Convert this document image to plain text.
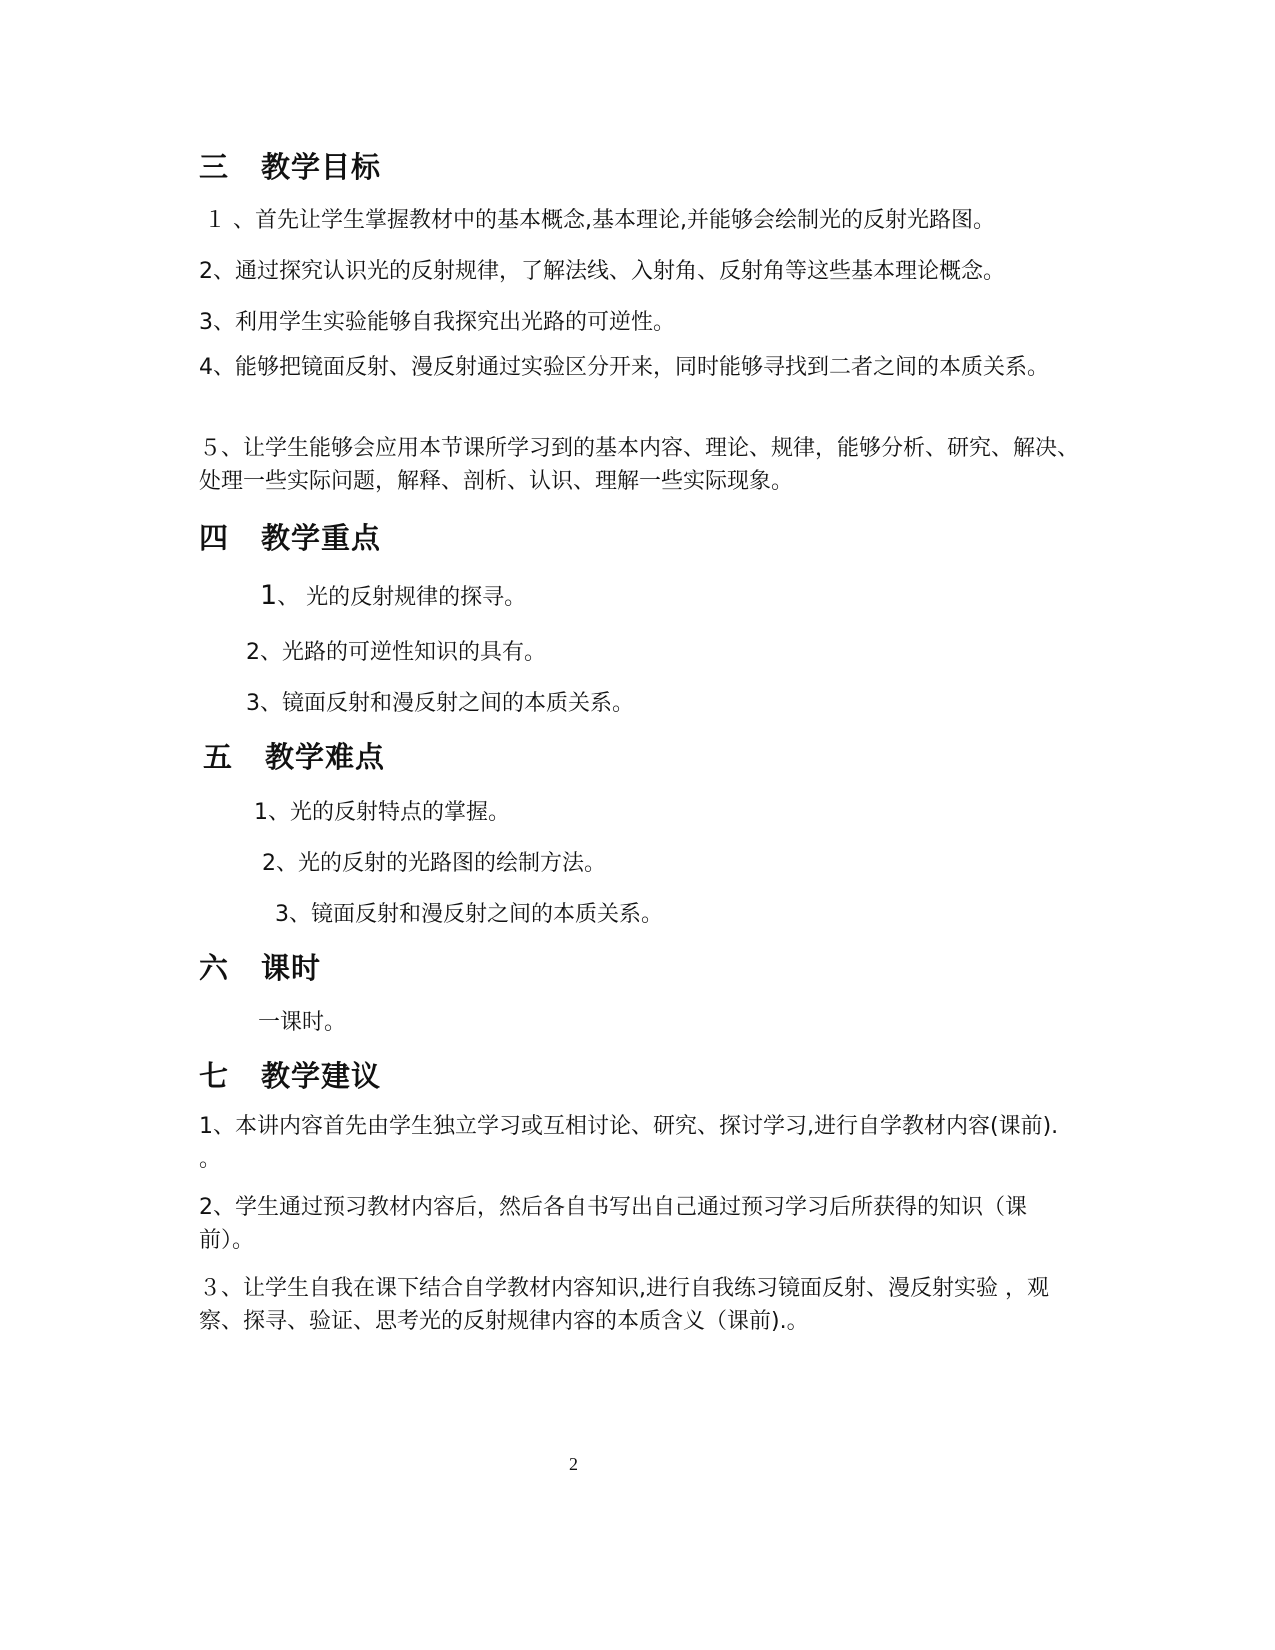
三 教学目标
１ 、首先让学生掌握教材中的基本概念,基本理论,并能够会绘制光的反射光路图。
2、通过探究认识光的反射规律，了解法线、入射角、反射角等这些基本理论概念。
3、利用学生实验能够自我探究出光路的可逆性。
4、能够把镜面反射、漫反射通过实验区分开来，同时能够寻找到二者之间的本质关系。
５、让学生能够会应用本节课所学习到的基本内容、理论、规律，能够分析、研究、解决、处理一些实际问题，解释、剖析、认识、理解一些实际现象。
四 教学重点
1、 光的反射规律的探寻。
2、光路的可逆性知识的具有。
3、镜面反射和漫反射之间的本质关系。
五 教学难点
1、光的反射特点的掌握。
2、光的反射的光路图的绘制方法。
3、镜面反射和漫反射之间的本质关系。
六 课时
一课时。
七 教学建议
1、本讲内容首先由学生独立学习或互相讨论、研究、探讨学习,进行自学教材内容(课前). 。
2、学生通过预习教材内容后，然后各自书写出自己通过预习学习后所获得的知识（课前）。
３、让学生自我在课下结合自学教材内容知识,进行自我练习镜面反射、漫反射实验 ，观察、探寻、验证、思考光的反射规律内容的本质含义（课前).。
2
